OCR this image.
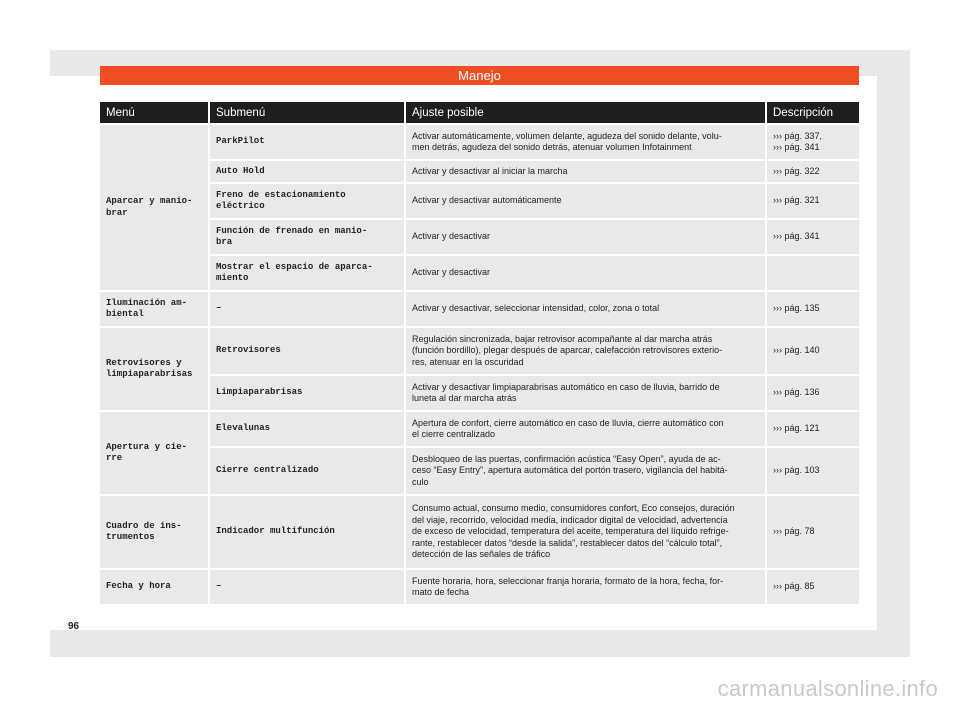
Manejo
Menú	Submenú	Ajuste posible	Descripción
Aparcar y manio-
brar	ParkPilot	Activar automáticamente, volumen delante, agudeza del sonido delante, volu-
men detrás, agudeza del sonido detrás, atenuar volumen Infotainment	››› pág. 337,
››› pág. 341
	Auto Hold	Activar y desactivar al iniciar la marcha	››› pág. 322
	Freno de estacionamiento
eléctrico	Activar y desactivar automáticamente	››› pág. 321
	Función de frenado en manio-
bra	Activar y desactivar	››› pág. 341
	Mostrar el espacio de aparca-
miento	Activar y desactivar	
Iluminación am-
biental	–	Activar y desactivar, seleccionar intensidad, color, zona o total	››› pág. 135
Retrovisores y
limpiaparabrisas	Retrovisores	Regulación sincronizada, bajar retrovisor acompañante al dar marcha atrás
(función bordillo), plegar después de aparcar, calefacción retrovisores exterio-
res, atenuar en la oscuridad	››› pág. 140
	Limpiaparabrisas	Activar y desactivar limpiaparabrisas automático en caso de lluvia, barrido de
luneta al dar marcha atrás	››› pág. 136
Apertura y cie-
rre	Elevalunas	Apertura de confort, cierre automático en caso de lluvia, cierre automático con
el cierre centralizado	››› pág. 121
	Cierre centralizado	Desbloqueo de las puertas, confirmación acústica “Easy Open”, ayuda de ac-
ceso “Easy Entry”, apertura automática del portón trasero, vigilancia del habitá-
culo	››› pág. 103
Cuadro de ins-
trumentos	Indicador multifunción	Consumo actual, consumo medio, consumidores confort, Eco consejos, duración
del viaje, recorrido, velocidad media, indicador digital de velocidad, advertencia
de exceso de velocidad, temperatura del aceite, temperatura del líquido refrige-
rante, restablecer datos “desde la salida”, restablecer datos del “cálculo total”,
detección de las señales de tráfico	››› pág. 78
Fecha y hora	–	Fuente horaria, hora, seleccionar franja horaria, formato de la hora, fecha, for-
mato de fecha	››› pág. 85
96
carmanualsonline.info
